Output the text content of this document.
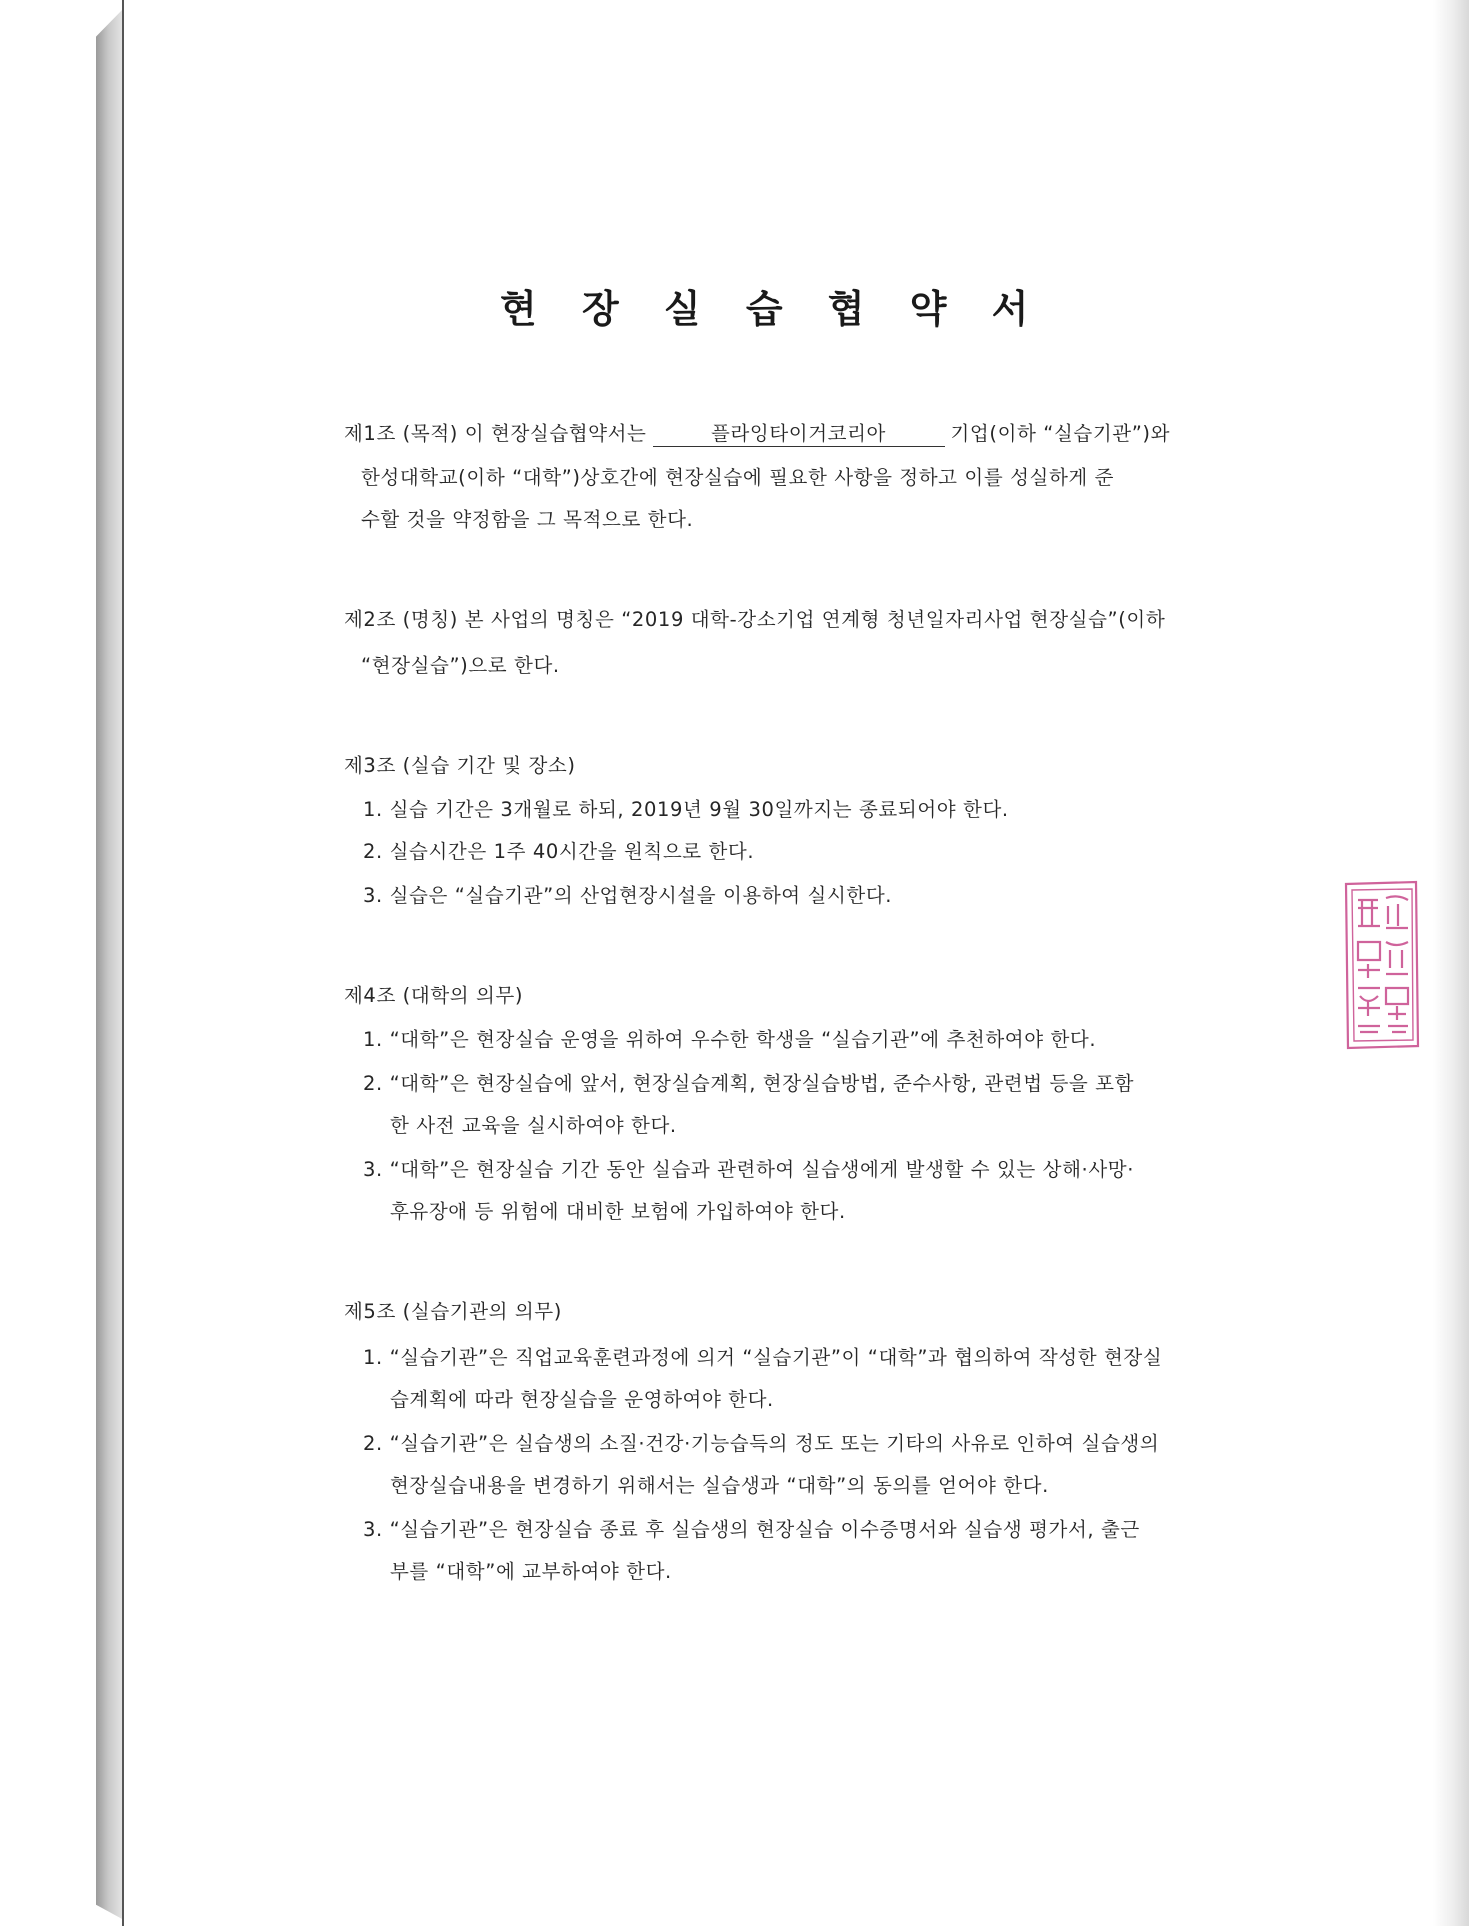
현 장 실 습 협 약 서
제1조 (목적) 이 현장실습협약서는	플라잉타이거코리아	기업(이하 “실습기관”)와
한성대학교(이하 “대학”)상호간에 현장실습에 필요한 사항을 정하고 이를 성실하게 준
수할 것을 약정함을 그 목적으로 한다.
제2조 (명칭) 본 사업의 명칭은 “2019 대학-강소기업 연계형 청년일자리사업 현장실습”(이하
“현장실습”)으로 한다.
제3조 (실습 기간 및 장소)
1. 실습 기간은 3개월로 하되, 2019년 9월 30일까지는 종료되어야 한다.
2. 실습시간은 1주 40시간을 원칙으로 한다.
3. 실습은 “실습기관”의 산업현장시설을 이용하여 실시한다.
제4조 (대학의 의무)
1. “대학”은 현장실습 운영을 위하여 우수한 학생을 “실습기관”에 추천하여야 한다.
2. “대학”은 현장실습에 앞서, 현장실습계획, 현장실습방법, 준수사항, 관련법 등을 포함
한 사전 교육을 실시하여야 한다.
3. “대학”은 현장실습 기간 동안 실습과 관련하여 실습생에게 발생할 수 있는 상해·사망·
후유장애 등 위험에 대비한 보험에 가입하여야 한다.
제5조 (실습기관의 의무)
1. “실습기관”은 직업교육훈련과정에 의거 “실습기관”이 “대학”과 협의하여 작성한 현장실
습계획에 따라 현장실습을 운영하여야 한다.
2. “실습기관”은 실습생의 소질·건강·기능습득의 정도 또는 기타의 사유로 인하여 실습생의
현장실습내용을 변경하기 위해서는 실습생과 “대학”의 동의를 얻어야 한다.
3. “실습기관”은 현장실습 종료 후 실습생의 현장실습 이수증명서와 실습생 평가서, 출근
부를 “대학”에 교부하여야 한다.
